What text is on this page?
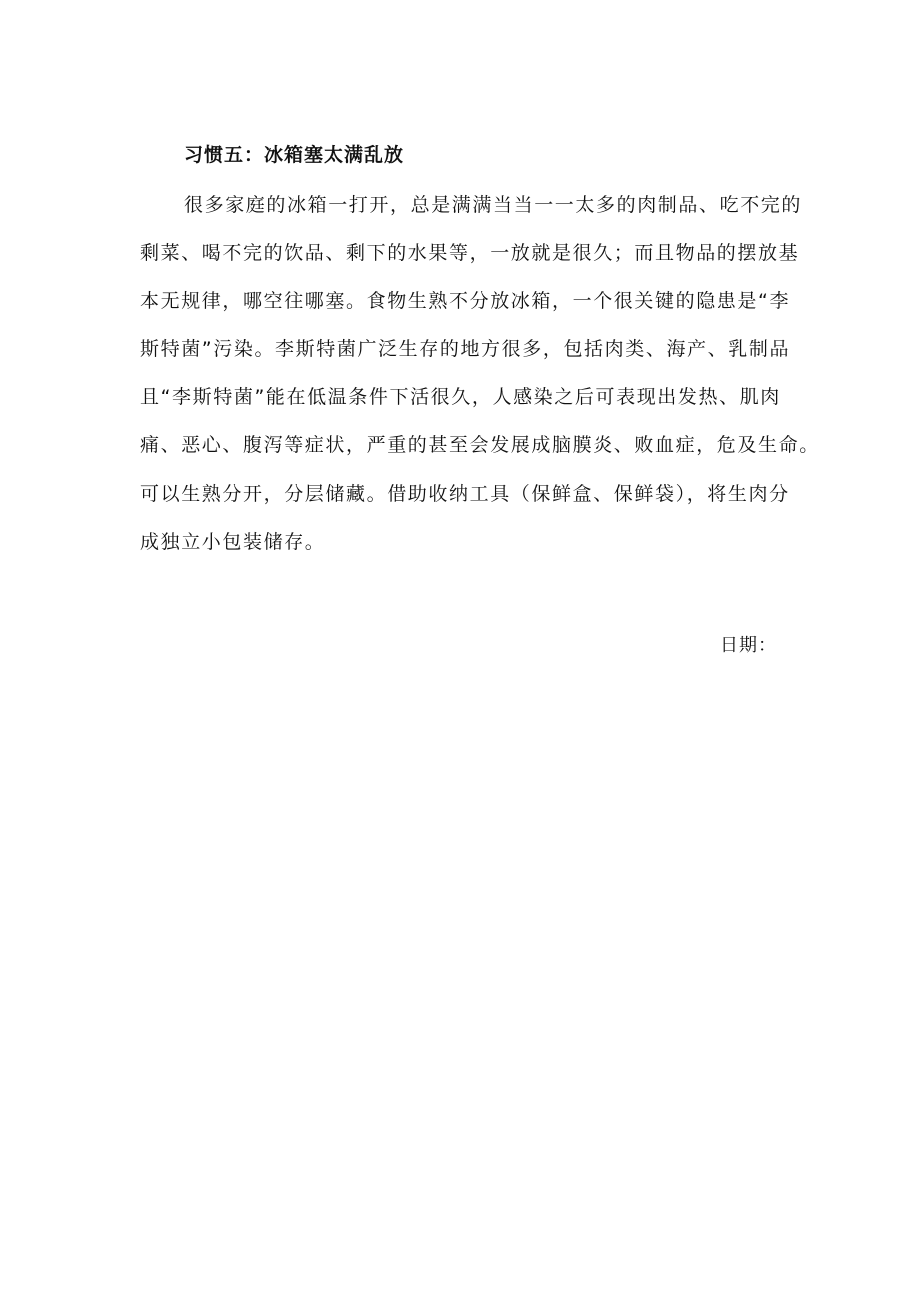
习惯五：冰箱塞太满乱放
很多家庭的冰箱一打开，总是满满当当一一太多的肉制品、吃不完的
剩菜、喝不完的饮品、剩下的水果等，一放就是很久；而且物品的摆放基
本无规律，哪空往哪塞。食物生熟不分放冰箱，一个很关键的隐患是“李
斯特菌”污染。李斯特菌广泛生存的地方很多，包括肉类、海产、乳制品
且“李斯特菌”能在低温条件下活很久，人感染之后可表现出发热、肌肉
痛、恶心、腹泻等症状，严重的甚至会发展成脑膜炎、败血症，危及生命。
可以生熟分开，分层储藏。借助收纳工具（保鲜盒、保鲜袋），将生肉分
成独立小包装储存。
日期：
